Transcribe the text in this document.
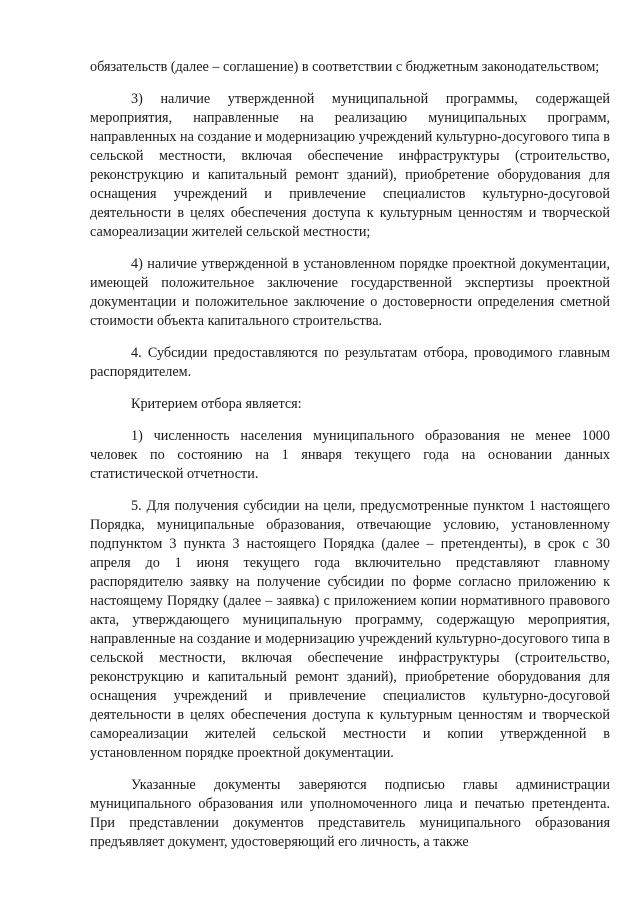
обязательств (далее – соглашение) в соответствии с бюджетным законодательством;

3) наличие утвержденной муниципальной программы, содержащей мероприятия, направленные на реализацию муниципальных программ, направленных на создание и модернизацию учреждений культурно-досугового типа в сельской местности, включая обеспечение инфраструктуры (строительство, реконструкцию и капитальный ремонт зданий), приобретение оборудования для оснащения учреждений и привлечение специалистов культурно-досуговой деятельности в целях обеспечения доступа к культурным ценностям и творческой самореализации жителей сельской местности;

4) наличие утвержденной в установленном порядке проектной документации, имеющей положительное заключение государственной экспертизы проектной документации и положительное заключение о достоверности определения сметной стоимости объекта капитального строительства.

4. Субсидии предоставляются по результатам отбора, проводимого главным распорядителем.

Критерием отбора является:

1) численность населения муниципального образования не менее 1000 человек по состоянию на 1 января текущего года на основании данных статистической отчетности.

5. Для получения субсидии на цели, предусмотренные пунктом 1 настоящего Порядка, муниципальные образования, отвечающие условию, установленному подпунктом 3 пункта 3 настоящего Порядка (далее – претенденты), в срок с 30 апреля до 1 июня текущего года включительно представляют главному распорядителю заявку на получение субсидии по форме согласно приложению к настоящему Порядку (далее – заявка) с приложением копии нормативного правового акта, утверждающего муниципальную программу, содержащую мероприятия, направленные на создание и модернизацию учреждений культурно-досугового типа в сельской местности, включая обеспечение инфраструктуры (строительство, реконструкцию и капитальный ремонт зданий), приобретение оборудования для оснащения учреждений и привлечение специалистов культурно-досуговой деятельности в целях обеспечения доступа к культурным ценностям и творческой самореализации жителей сельской местности и копии утвержденной в установленном порядке проектной документации.

Указанные документы заверяются подписью главы администрации муниципального образования или уполномоченного лица и печатью претендента. При представлении документов представитель муниципального образования предъявляет документ, удостоверяющий его личность, а также
